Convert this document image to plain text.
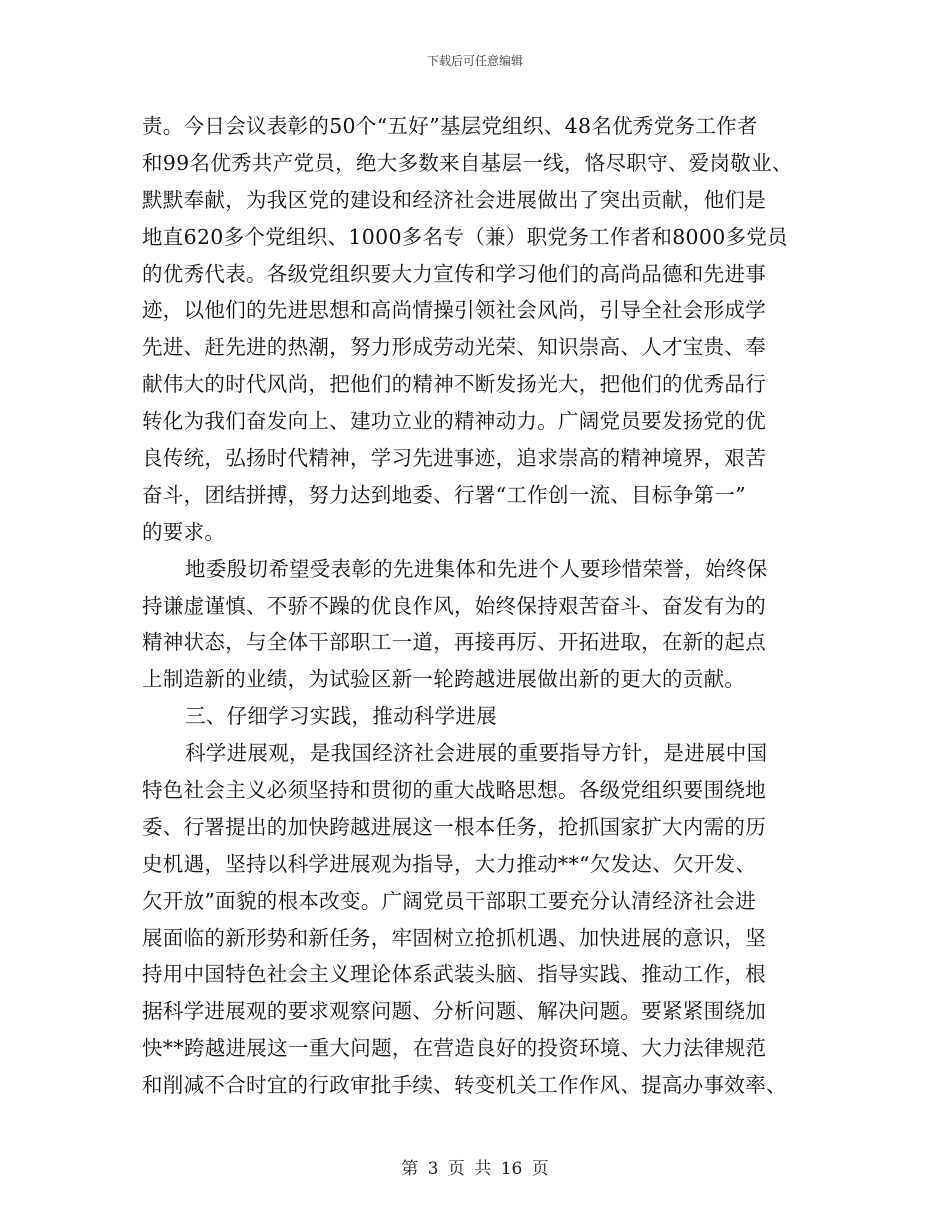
下载后可任意编辑
责。今日会议表彰的50个“五好”基层党组织、48名优秀党务工作者
和99名优秀共产党员，绝大多数来自基层一线，恪尽职守、爱岗敬业、
默默奉献，为我区党的建设和经济社会进展做出了突出贡献，他们是
地直620多个党组织、1000多名专（兼）职党务工作者和8000多党员
的优秀代表。各级党组织要大力宣传和学习他们的高尚品德和先进事
迹，以他们的先进思想和高尚情操引领社会风尚，引导全社会形成学
先进、赶先进的热潮，努力形成劳动光荣、知识崇高、人才宝贵、奉
献伟大的时代风尚，把他们的精神不断发扬光大，把他们的优秀品行
转化为我们奋发向上、建功立业的精神动力。广阔党员要发扬党的优
良传统，弘扬时代精神，学习先进事迹，追求崇高的精神境界，艰苦
奋斗，团结拼搏，努力达到地委、行署“工作创一流、目标争第一”
的要求。
地委殷切希望受表彰的先进集体和先进个人要珍惜荣誉，始终保
持谦虚谨慎、不骄不躁的优良作风，始终保持艰苦奋斗、奋发有为的
精神状态，与全体干部职工一道，再接再厉、开拓进取，在新的起点
上制造新的业绩，为试验区新一轮跨越进展做出新的更大的贡献。
三、仔细学习实践，推动科学进展
科学进展观，是我国经济社会进展的重要指导方针，是进展中国
特色社会主义必须坚持和贯彻的重大战略思想。各级党组织要围绕地
委、行署提出的加快跨越进展这一根本任务，抢抓国家扩大内需的历
史机遇，坚持以科学进展观为指导，大力推动**“欠发达、欠开发、
欠开放”面貌的根本改变。广阔党员干部职工要充分认清经济社会进
展面临的新形势和新任务，牢固树立抢抓机遇、加快进展的意识，坚
持用中国特色社会主义理论体系武装头脑、指导实践、推动工作，根
据科学进展观的要求观察问题、分析问题、解决问题。要紧紧围绕加
快**跨越进展这一重大问题，在营造良好的投资环境、大力法律规范
和削减不合时宜的行政审批手续、转变机关工作作风、提高办事效率、
第 3 页 共 16 页
